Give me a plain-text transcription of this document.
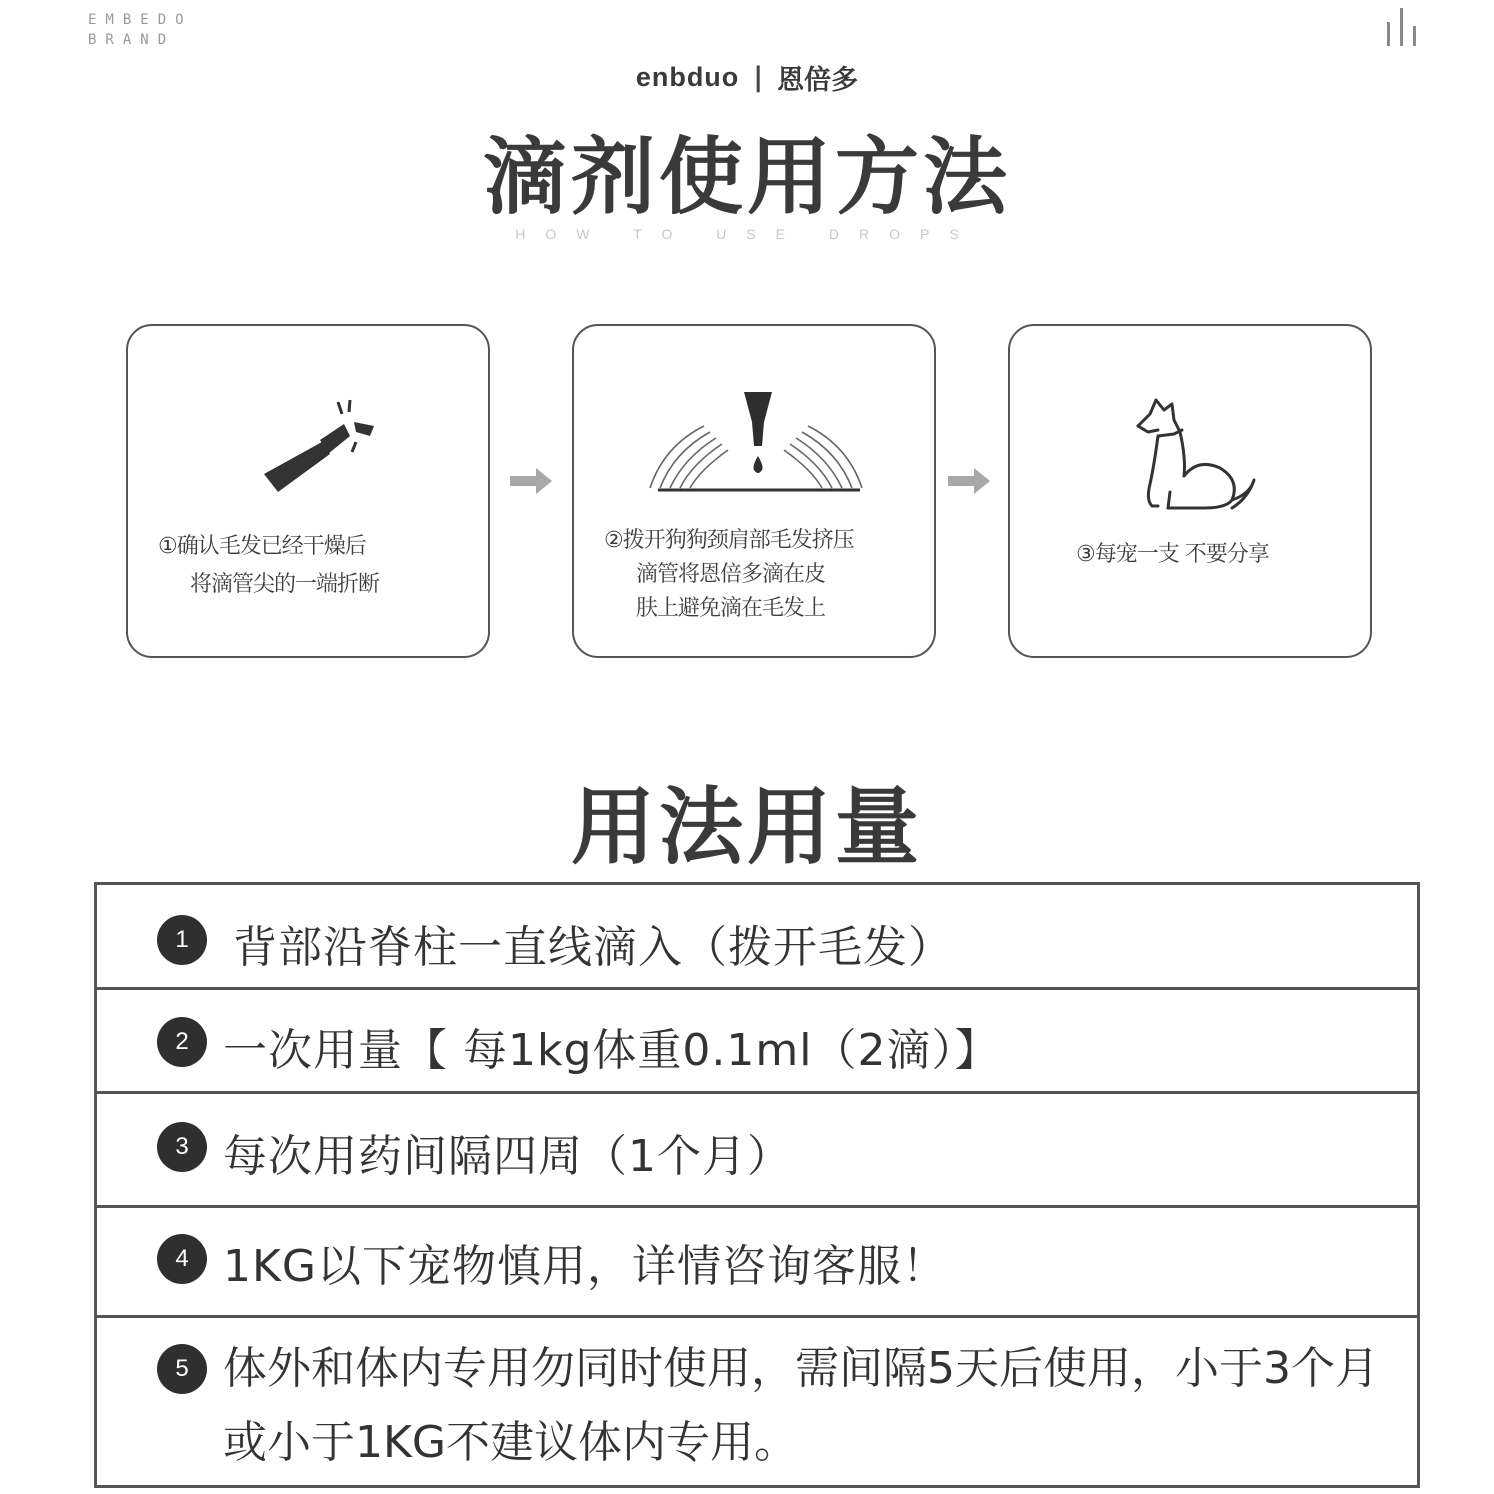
EMBEDO
BRAND
enbduo | 恩倍多
滴剂使用方法
HOW TO USE DROPS
①确认毛发已经干燥后
将滴管尖的一端折断
②拨开狗狗颈肩部毛发挤压
滴管将恩倍多滴在皮
肤上避免滴在毛发上
③每宠一支 不要分享
用法用量
1	背部沿脊柱一直线滴入（拨开毛发）
2 一次用量【 每1kg体重0.1ml（2滴）】
3 每次用药间隔四周（1个月）
4 1KG以下宠物慎用，详情咨询客服！
5 体外和体内专用勿同时使用，需间隔5天后使用，小于3个月或小于1KG不建议体内专用。
